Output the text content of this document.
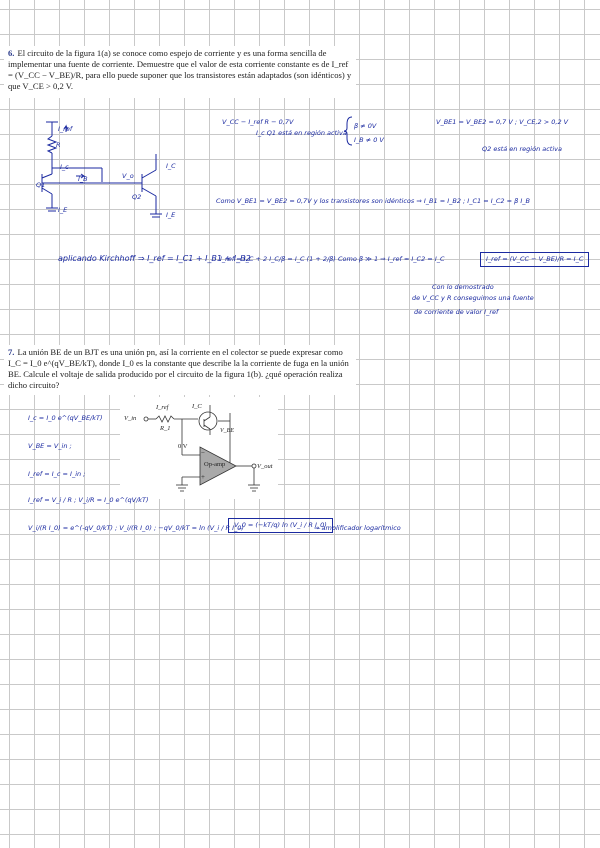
6. El circuito de la figura 1(a) se conoce como espejo de corriente y es una forma sencilla de implementar una fuente de corriente. Demuestre que el valor de esta corriente constante es de I_ref = (V_CC − V_BE)/R, para ello puede suponer que los transistores están adaptados (son idénticos) y que V_CE > 0,2 V.
V_CC − I_ref R − 0,7V
I_c Q1 está en región activa
β ≠ 0V
I_B ≠ 0 V
V_BE1 = V_BE2 = 0,7 V ; V_CE,2 > 0,2 V
Q2 está en región activa
Como V_BE1 = V_BE2 = 0,7V y los transistores son idénticos ⇒ I_B1 = I_B2 ; I_C1 = I_C2 = β I_B
aplicando Kirchhoff ⇒ I_ref = I_C1 + I_B1 + I_B2
I_ref = I_C + 2 I_C/β = I_C (1 + 2/β) Como β ≫ 1 ⇒ I_ref ≈ I_C2 = I_C	I_ref = (V_CC − V_BE)/R = I_C
Con lo demostrado
de V_CC y R conseguimos una fuente
de corriente de valor I_ref
I_ref
R
I_c
Q1
I_B
I_E
V_o
Q2
I_C
I_E
7. La unión BE de un BJT es una unión pn, así la corriente en el colector se puede expresar como I_C = I_0 e^(qV_BE/kT), donde I_0 es la constante que describe la la corriente de fuga en la unión BE. Calcule el voltaje de salida producido por el circuito de la figura 1(b). ¿qué operación realiza dicho circuito?
V_in
I_ref
R_1
I_C
V_BE
0 V
−
+
Op-amp	V_out
I_c = I_0 e^(qV_BE/kT)
V_BE = V_in ;
I_ref = I_c = I_in ;
I_ref = V_i / R ; V_i/R = I_0 e^(qV/kT)
V_i/(R I_0) = e^(-qV_0/kT) ; V_i/(R I_0) ; −qV_0/kT = ln (V_i / R I_0)
V_0 = (−kT/q) ln (V_i / R I_0)
⇒ amplificador logarítmico
